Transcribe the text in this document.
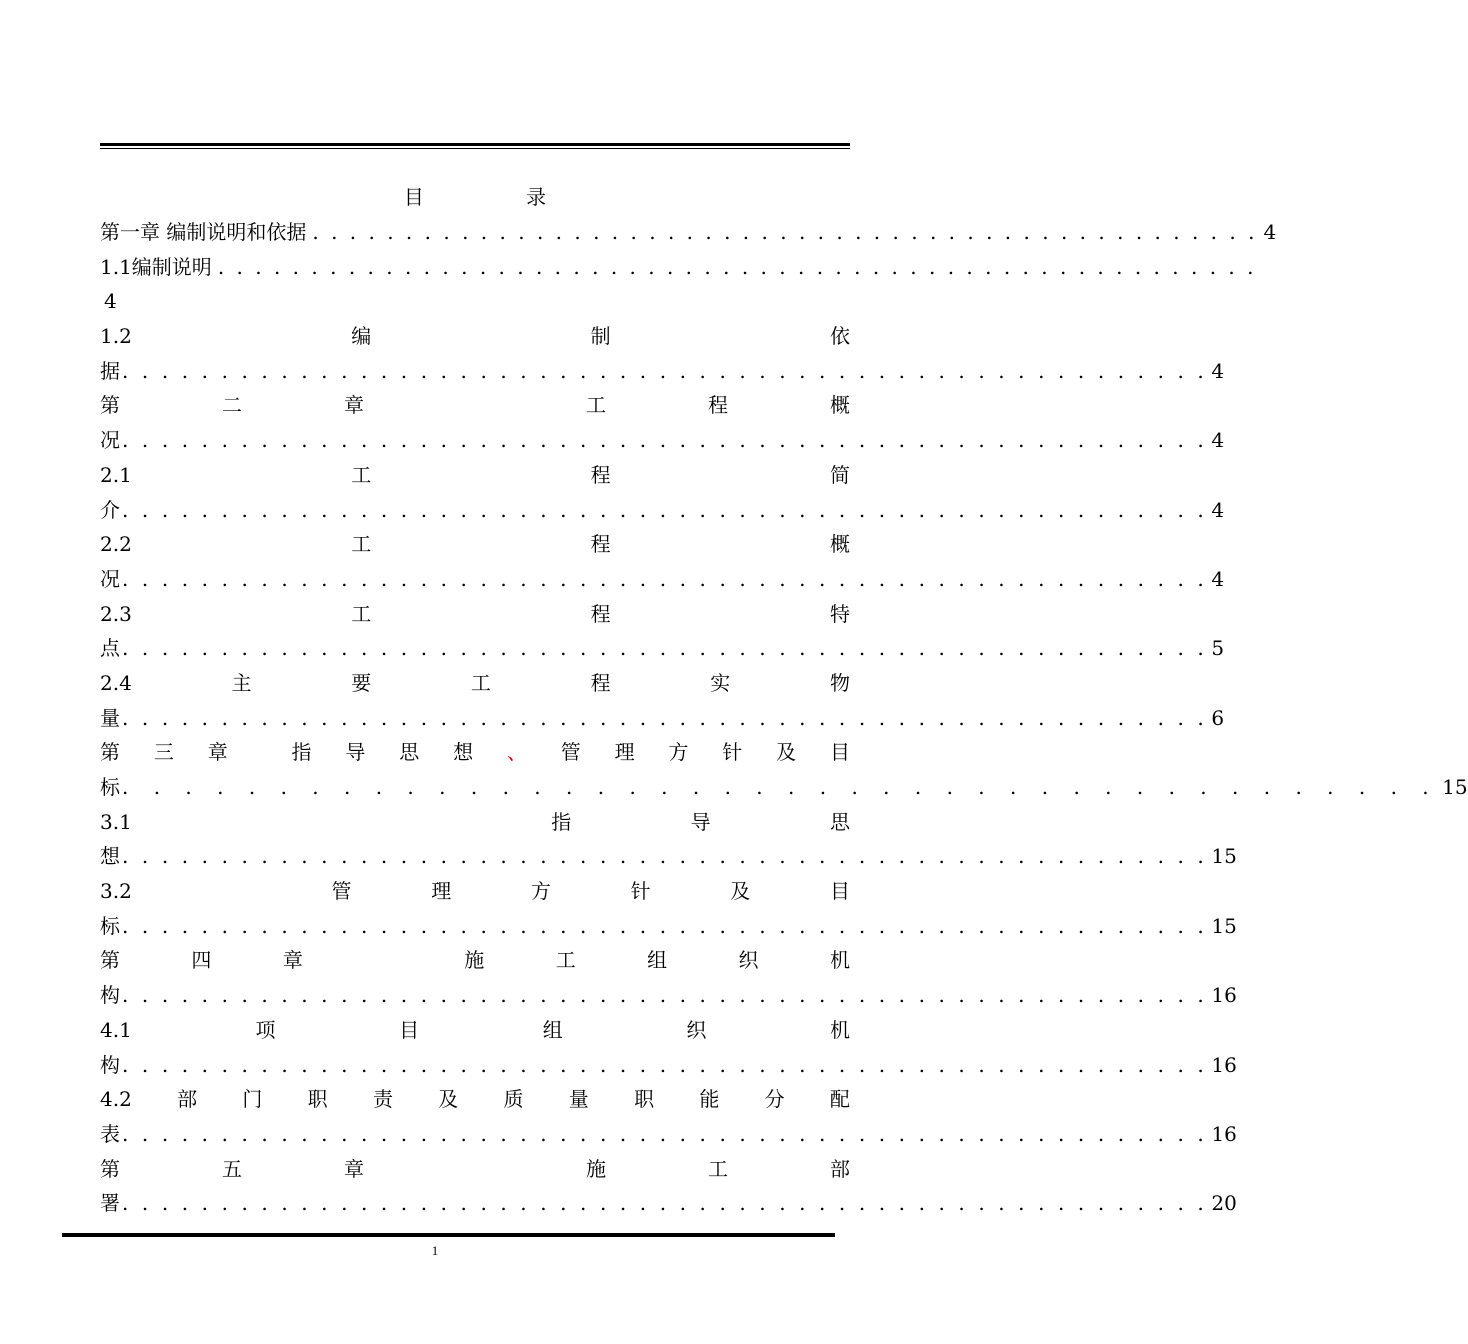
目 录
第一章 编制说明和依据 . . . . . . . . . . . . . . . . . . . . . . . . . . . . . . . . . . . . . . . . . . . . . . . . . . . 4
1.1编制说明 . . . . . . . . . . . . . . . . . . . . . . . . . . . . . . . . . . . . . . . . . . . . . . . . . . . . . . . .
4
1.2	编	制	依
据 . . . . . . . . . . . . . . . . . . . . . . . . . . . . . . . . . . . . . . . . . . . . . . . . . . . . . . . 4
第	二	章	工	程	概
况 . . . . . . . . . . . . . . . . . . . . . . . . . . . . . . . . . . . . . . . . . . . . . . . . . . . . . . . 4
2.1	工	程	简
介 . . . . . . . . . . . . . . . . . . . . . . . . . . . . . . . . . . . . . . . . . . . . . . . . . . . . . . . 4
2.2	工	程	概
况 . . . . . . . . . . . . . . . . . . . . . . . . . . . . . . . . . . . . . . . . . . . . . . . . . . . . . . . 4
2.3	工	程	特
点 . . . . . . . . . . . . . . . . . . . . . . . . . . . . . . . . . . . . . . . . . . . . . . . . . . . . . . . 5
2.4	主	要	工	程	实	物
量 . . . . . . . . . . . . . . . . . . . . . . . . . . . . . . . . . . . . . . . . . . . . . . . . . . . . . . . 6
第 三 章	指 导 思 想 、 管 理 方 针 及 目
标 . . . . . . . . . . . . . . . . . . . . . . . . . . . . . . . . . . . . . . . . . . 15
3.1	指	导	思
想 . . . . . . . . . . . . . . . . . . . . . . . . . . . . . . . . . . . . . . . . . . . . . . . . . . . . . . . 15
3.2	管	理	方	针	及	目
标 . . . . . . . . . . . . . . . . . . . . . . . . . . . . . . . . . . . . . . . . . . . . . . . . . . . . . . . 15
第	四	章	施	工	组	织	机
构 . . . . . . . . . . . . . . . . . . . . . . . . . . . . . . . . . . . . . . . . . . . . . . . . . . . . . . . 16
4.1	项	目	组	织	机
构 . . . . . . . . . . . . . . . . . . . . . . . . . . . . . . . . . . . . . . . . . . . . . . . . . . . . . . . 16
4.2 部 门 职 责 及 质 量 职 能 分 配
表 . . . . . . . . . . . . . . . . . . . . . . . . . . . . . . . . . . . . . . . . . . . . . . . . . . . . . . . 16
第	五	章	施	工	部
署 . . . . . . . . . . . . . . . . . . . . . . . . . . . . . . . . . . . . . . . . . . . . . . . . . . . . . . . 20
1
